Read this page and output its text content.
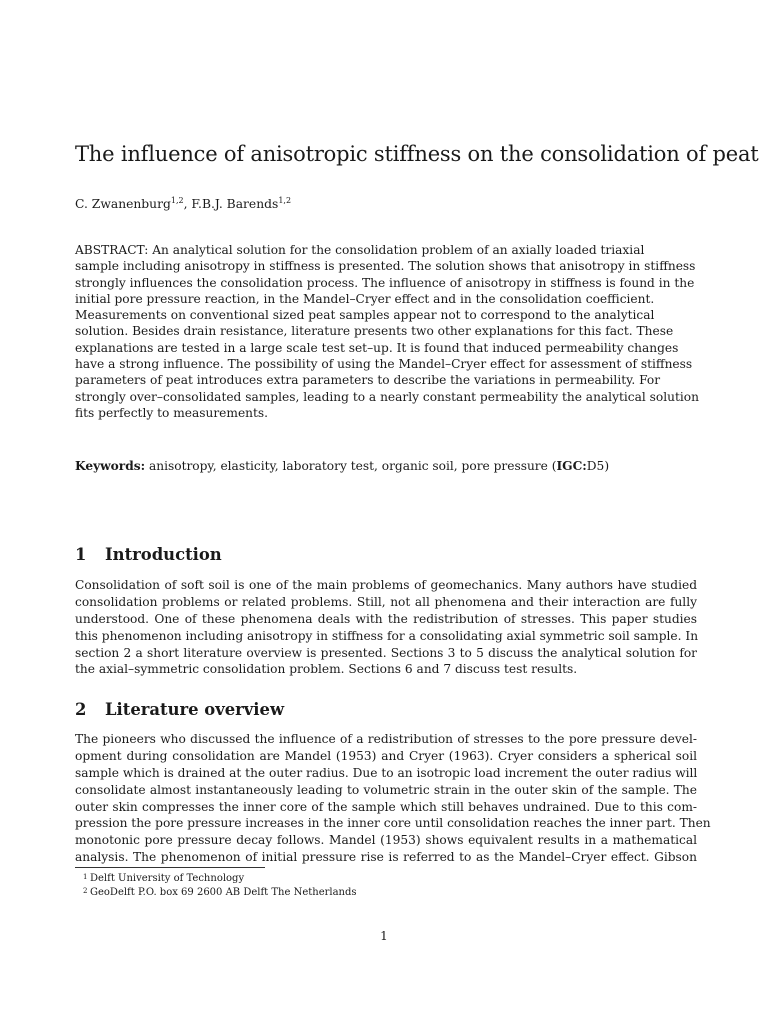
The influence of anisotropic stiffness on the consolidation of peat
C. Zwanenburg$^{1,2}$, F.B.J. Barends$^{1,2}$
ABSTRACT: An analytical solution for the consolidation problem of an axially loaded triaxial
sample including anisotropy in stiffness is presented. The solution shows that anisotropy in stiffness
strongly influences the consolidation process. The influence of anisotropy in stiffness is found in the
initial pore pressure reaction, in the Mandel–Cryer effect and in the consolidation coefficient.
Measurements on conventional sized peat samples appear not to correspond to the analytical
solution. Besides drain resistance, literature presents two other explanations for this fact. These
explanations are tested in a large scale test set–up. It is found that induced permeability changes
have a strong influence. The possibility of using the Mandel–Cryer effect for assessment of stiffness
parameters of peat introduces extra parameters to describe the variations in permeability. For
strongly over–consolidated samples, leading to a nearly constant permeability the analytical solution
fits perfectly to measurements.
Keywords: anisotropy, elasticity, laboratory test, organic soil, pore pressure (IGC:D5)
1 Introduction
Consolidation of soft soil is one of the main problems of geomechanics. Many authors have studied
consolidation problems or related problems. Still, not all phenomena and their interaction are fully
understood. One of these phenomena deals with the redistribution of stresses. This paper studies
this phenomenon including anisotropy in stiffness for a consolidating axial symmetric soil sample. In
section 2 a short literature overview is presented. Sections 3 to 5 discuss the analytical solution for
the axial–symmetric consolidation problem. Sections 6 and 7 discuss test results.
2 Literature overview
The pioneers who discussed the influence of a redistribution of stresses to the pore pressure devel-
opment during consolidation are Mandel (1953) and Cryer (1963). Cryer considers a spherical soil
sample which is drained at the outer radius. Due to an isotropic load increment the outer radius will
consolidate almost instantaneously leading to volumetric strain in the outer skin of the sample. The
outer skin compresses the inner core of the sample which still behaves undrained. Due to this com-
pression the pore pressure increases in the inner core until consolidation reaches the inner part. Then
monotonic pore pressure decay follows. Mandel (1953) shows equivalent results in a mathematical
analysis. The phenomenon of initial pressure rise is referred to as the Mandel–Cryer effect. Gibson
1 Delft University of Technology
2 GeoDelft P.O. box 69 2600 AB Delft The Netherlands
1
